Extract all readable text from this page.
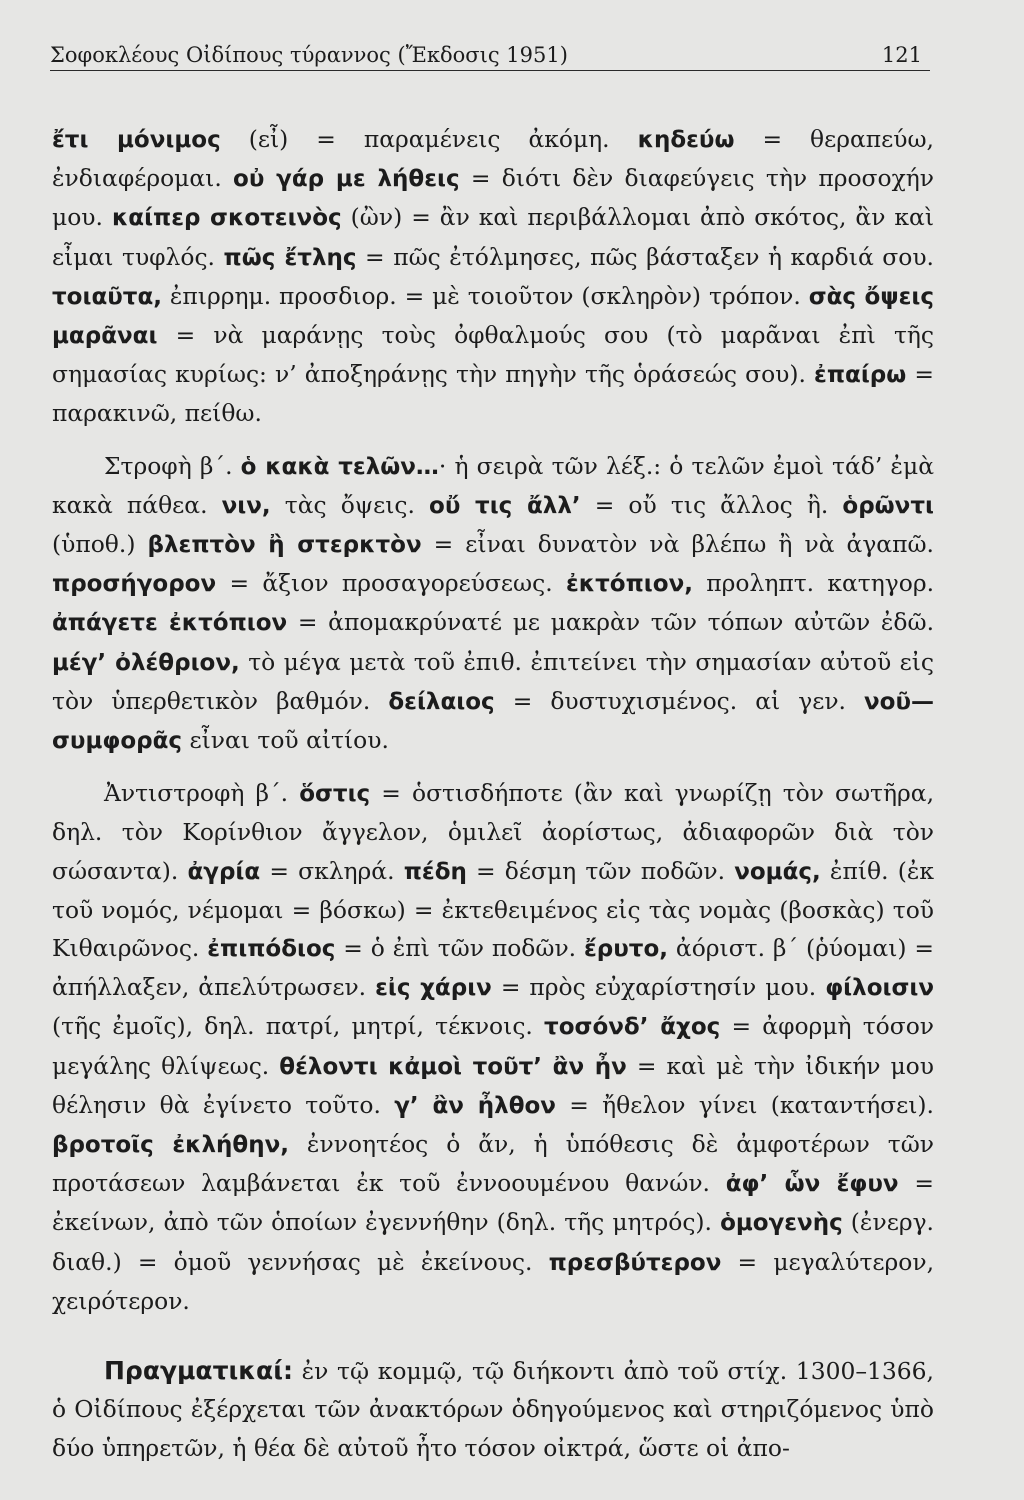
Σοφοκλέους Οἰδίπους τύραννος (Ἔκδοσις 1951)	121

ἔτι μόνιμος (εἶ) = παραμένεις ἀκόμη. κηδεύω = θεραπεύω, ἐνδιαφέρομαι. οὐ γάρ με λήθεις = διότι δὲν διαφεύγεις τὴν προσοχήν μου. καίπερ σκοτεινὸς (ὢν) = ἂν καὶ περιβάλλομαι ἀπὸ σκότος, ἂν καὶ εἶμαι τυφλός. πῶς ἔτλης = πῶς ἐτόλμησες, πῶς βάσταξεν ἡ καρδιά σου. τοιαῦτα, ἐπιρρημ. προσδιορ. = μὲ τοιοῦτον (σκληρὸν) τρόπον. σὰς ὄψεις μαρᾶναι = νὰ μαράνῃς τοὺς ὀφθαλμούς σου (τὸ μαρᾶναι ἐπὶ τῆς σημασίας κυρίως: ν’ ἀποξηράνῃς τὴν πηγὴν τῆς ὁράσεώς σου). ἐπαίρω = παρακινῶ, πείθω.

Στροφὴ β΄. ὁ κακὰ τελῶν…· ἡ σειρὰ τῶν λέξ.: ὁ τελῶν ἐμοὶ τάδ’ ἐμὰ κακὰ πάθεα. νιν, τὰς ὄψεις. οὔ τις ἄλλ’ = οὔ τις ἄλλος ἢ. ὁρῶντι (ὑποθ.) βλεπτὸν ἢ στερκτὸν = εἶναι δυνατὸν νὰ βλέπω ἢ νὰ ἀγαπῶ. προσήγορον = ἄξιον προσαγορεύσεως. ἐκτόπιον, προληπτ. κατηγορ. ἀπάγετε ἐκτόπιον = ἀπομακρύνατέ με μακρὰν τῶν τόπων αὐτῶν ἐδῶ. μέγ’ ὀλέθριον, τὸ μέγα μετὰ τοῦ ἐπιθ. ἐπιτείνει τὴν σημασίαν αὐτοῦ εἰς τὸν ὑπερθετικὸν βαθμόν. δείλαιος = δυστυχισμένος. αἱ γεν. νοῦ—συμφορᾶς εἶναι τοῦ αἰτίου.

Ἀντιστροφὴ β΄. ὅστις = ὁστισδήποτε (ἂν καὶ γνωρίζῃ τὸν σωτῆρα, δηλ. τὸν Κορίνθιον ἄγγελον, ὁμιλεῖ ἀορίστως, ἀδιαφορῶν διὰ τὸν σώσαντα). ἀγρία = σκληρά. πέδη = δέσμη τῶν ποδῶν. νομάς, ἐπίθ. (ἐκ τοῦ νομός, νέμομαι = βόσκω) = ἐκτεθειμένος εἰς τὰς νομὰς (βοσκὰς) τοῦ Κιθαιρῶνος. ἐπιπόδιος = ὁ ἐπὶ τῶν ποδῶν. ἔρυτο, ἀόριστ. β΄ (ῥύομαι) = ἀπήλλαξεν, ἀπελύτρωσεν. εἰς χάριν = πρὸς εὐχαρίστησίν μου. φίλοισιν (τῆς ἐμοῖς), δηλ. πατρί, μητρί, τέκνοις. τοσόνδ’ ἄχος = ἀφορμὴ τόσον μεγάλης θλίψεως. θέλοντι κἀμοὶ τοῦτ’ ἂν ἦν = καὶ μὲ τὴν ἰδικήν μου θέλησιν θὰ ἐγίνετο τοῦτο. γ’ ἂν ἦλθον = ἤθελον γίνει (καταντήσει). βροτοῖς ἐκλήθην, ἐννοητέος ὁ ἄν, ἡ ὑπόθεσις δὲ ἀμφοτέρων τῶν προτάσεων λαμβάνεται ἐκ τοῦ ἐννοουμένου θανών. ἀφ’ ὧν ἔφυν = ἐκείνων, ἀπὸ τῶν ὁποίων ἐγεννήθην (δηλ. τῆς μητρός). ὁμογενὴς (ἐνεργ. διαθ.) = ὁμοῦ γεννήσας μὲ ἐκείνους. πρεσβύτερον = μεγαλύτερον, χειρότερον.

Πραγματικαί: ἐν τῷ κομμῷ, τῷ διήκοντι ἀπὸ τοῦ στίχ. 1300–1366, ὁ Οἰδίπους ἐξέρχεται τῶν ἀνακτόρων ὁδηγούμενος καὶ στηριζόμενος ὑπὸ δύο ὑπηρετῶν, ἡ θέα δὲ αὐτοῦ ἦτο τόσον οἰκτρά, ὥστε οἱ ἀπο-
